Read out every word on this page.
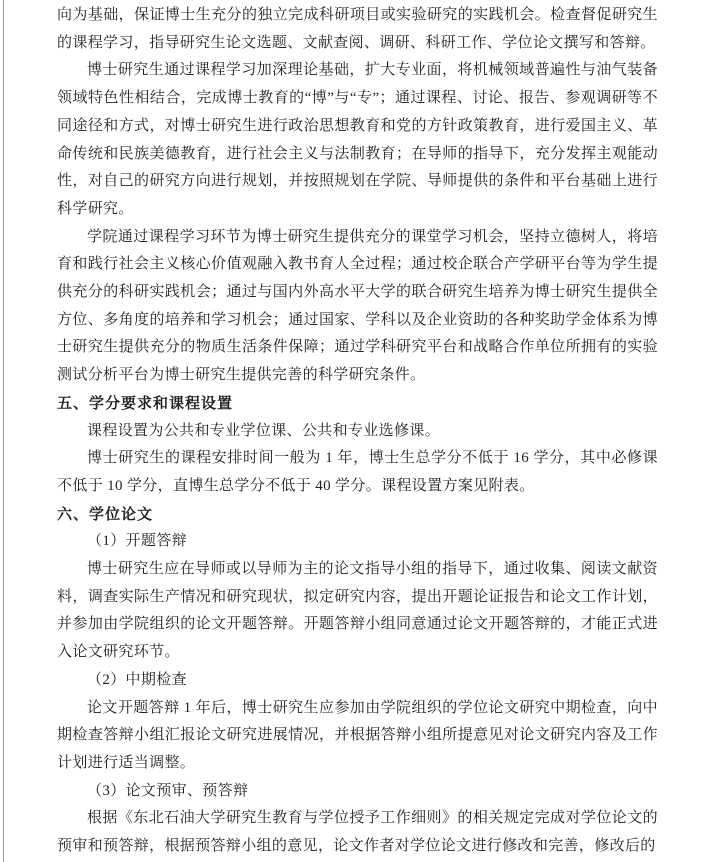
向为基础，保证博士生充分的独立完成科研项目或实验研究的实践机会。检查督促研究生的课程学习，指导研究生论文选题、文献查阅、调研、科研工作、学位论文撰写和答辩。

博士研究生通过课程学习加深理论基础，扩大专业面，将机械领域普遍性与油气装备领域特色性相结合，完成博士教育的“博”与“专”；通过课程、讨论、报告、参观调研等不同途径和方式，对博士研究生进行政治思想教育和党的方针政策教育，进行爱国主义、革命传统和民族美德教育，进行社会主义与法制教育；在导师的指导下，充分发挥主观能动性，对自己的研究方向进行规划，并按照规划在学院、导师提供的条件和平台基础上进行科学研究。

学院通过课程学习环节为博士研究生提供充分的课堂学习机会，坚持立德树人，将培育和践行社会主义核心价值观融入教书育人全过程；通过校企联合产学研平台等为学生提供充分的科研实践机会；通过与国内外高水平大学的联合研究生培养为博士研究生提供全方位、多角度的培养和学习机会；通过国家、学科以及企业资助的各种奖助学金体系为博士研究生提供充分的物质生活条件保障；通过学科研究平台和战略合作单位所拥有的实验测试分析平台为博士研究生提供完善的科学研究条件。

五、学分要求和课程设置

课程设置为公共和专业学位课、公共和专业选修课。

博士研究生的课程安排时间一般为 1 年，博士生总学分不低于 16 学分，其中必修课不低于 10 学分，直博生总学分不低于 40 学分。课程设置方案见附表。

六、学位论文

（1）开题答辩

博士研究生应在导师或以导师为主的论文指导小组的指导下，通过收集、阅读文献资料，调查实际生产情况和研究现状，拟定研究内容，提出开题论证报告和论文工作计划，并参加由学院组织的论文开题答辩。开题答辩小组同意通过论文开题答辩的，才能正式进入论文研究环节。

（2）中期检查

论文开题答辩 1 年后，博士研究生应参加由学院组织的学位论文研究中期检查，向中期检查答辩小组汇报论文研究进展情况，并根据答辩小组所提意见对论文研究内容及工作计划进行适当调整。

（3）论文预审、预答辩

根据《东北石油大学研究生教育与学位授予工作细则》的相关规定完成对学位论文的预审和预答辩，根据预答辩小组的意见，论文作者对学位论文进行修改和完善，修改后的
